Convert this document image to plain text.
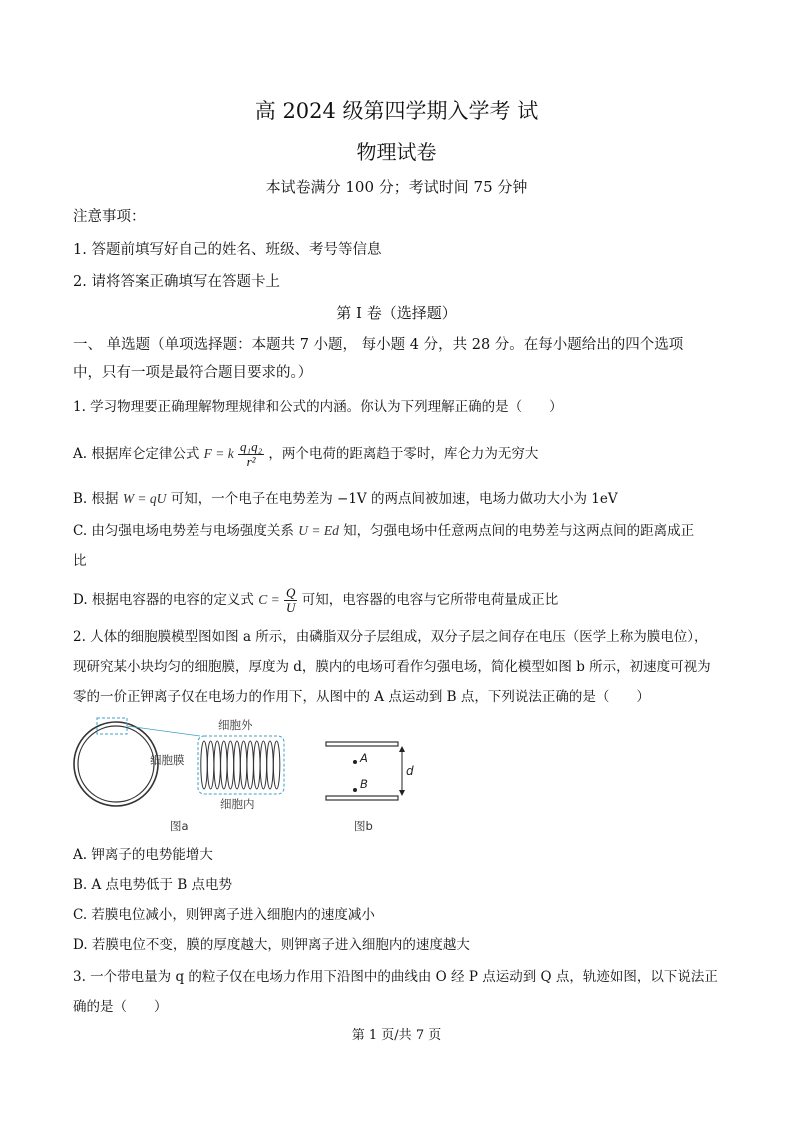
高 2024 级第四学期入学考 试
物理试卷
本试卷满分 100 分；考试时间 75 分钟
注意事项：
1. 答题前填写好自己的姓名、班级、考号等信息
2. 请将答案正确填写在答题卡上
第 I 卷（选择题）
一、 单选题（单项选择题：本题共 7 小题， 每小题 4 分，共 28 分。在每小题给出的四个选项
中，只有一项是最符合题目要求的。）
1. 学习物理要正确理解物理规律和公式的内涵。你认为下列理解正确的是（　　）
A. 根据库仑定律公式 F = k $\frac{\text{q₁q₂}}{\text{r²}}$ ，两个电荷的距离趋于零时，库仑力为无穷大
B. 根据 W = qU 可知，一个电子在电势差为 −1V 的两点间被加速，电场力做功大小为 1eV
C. 由匀强电场电势差与电场强度关系 U = Ed 知，匀强电场中任意两点间的电势差与这两点间的距离成正
比
D. 根据电容器的电容的定义式 $C = \frac{Q}{U}$ 可知，电容器的电容与它所带电荷量成正比
2. 人体的细胞膜模型图如图 a 所示，由磷脂双分子层组成，双分子层之间存在电压（医学上称为膜电位），
现研究某小块均匀的细胞膜，厚度为 d，膜内的电场可看作匀强电场，简化模型如图 b 所示，初速度可视为
零的一价正钾离子仅在电场力的作用下，从图中的 A 点运动到 B 点，下列说法正确的是（　　）
细胞外
细胞膜
细胞内
图a
A
B
d
图b
A. 钾离子的电势能增大
B. A 点电势低于 B 点电势
C. 若膜电位减小，则钾离子进入细胞内的速度减小
D. 若膜电位不变，膜的厚度越大，则钾离子进入细胞内的速度越大
3. 一个带电量为 q 的粒子仅在电场力作用下沿图中的曲线由 O 经 P 点运动到 Q 点，轨迹如图，以下说法正
确的是（　　）
第 1 页/共 7 页
